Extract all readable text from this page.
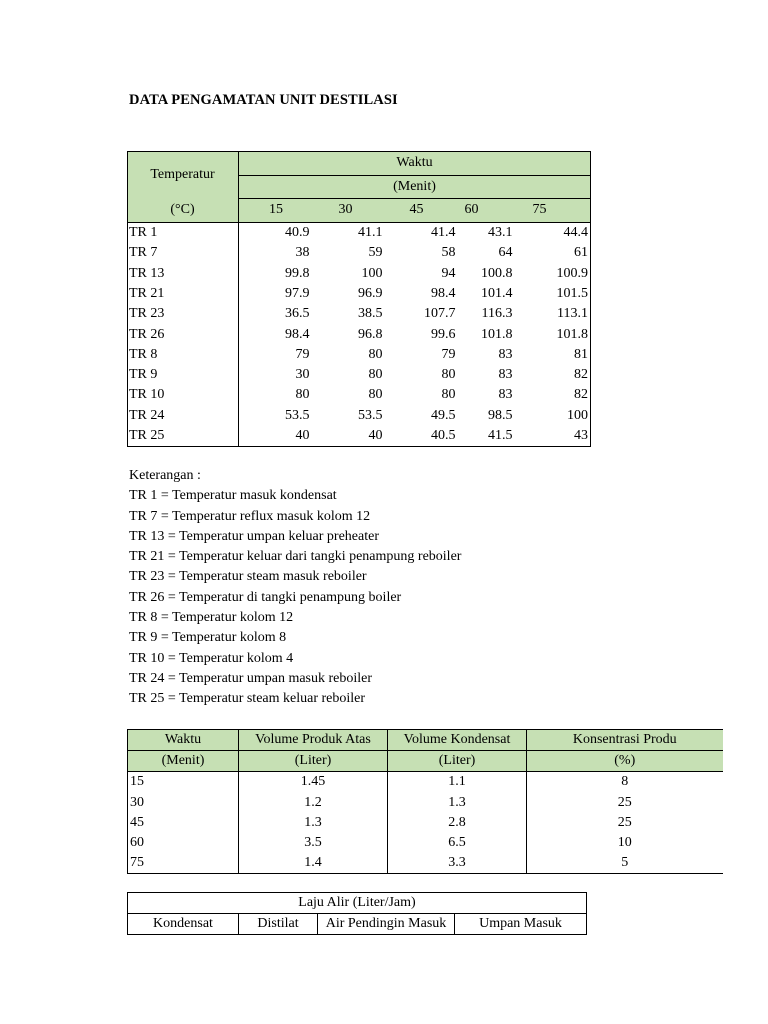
DATA PENGAMATAN UNIT DESTILASI
Temperatur	Waktu				
	(Menit)				
(°C)	15	30	45	60	75
TR 1	40.9	41.1	41.4	43.1	44.4
TR 7	38	59	58	64	61
TR 13	99.8	100	94	100.8	100.9
TR 21	97.9	96.9	98.4	101.4	101.5
TR 23	36.5	38.5	107.7	116.3	113.1
TR 26	98.4	96.8	99.6	101.8	101.8
TR 8	79	80	79	83	81
TR 9	30	80	80	83	82
TR 10	80	80	80	83	82
TR 24	53.5	53.5	49.5	98.5	100
TR 25	40	40	40.5	41.5	43
Keterangan :
TR 1 = Temperatur masuk kondensat
TR 7 = Temperatur reflux masuk kolom 12
TR 13 = Temperatur umpan keluar preheater
TR 21 = Temperatur keluar dari tangki penampung reboiler
TR 23 = Temperatur steam masuk reboiler
TR 26 = Temperatur di tangki penampung boiler
TR 8 = Temperatur kolom 12
TR 9 = Temperatur kolom 8
TR 10 = Temperatur kolom 4
TR 24 = Temperatur umpan masuk reboiler
TR 25 = Temperatur steam keluar reboiler
Waktu	Volume Produk Atas	Volume Kondensat	Konsentrasi Produ
(Menit)	(Liter)	(Liter)	(%)
15	1.45	1.1	8
30	1.2	1.3	25
45	1.3	2.8	25
60	3.5	6.5	10
75	1.4	3.3	5
Laju Alir (Liter/Jam)
Kondensat	Distilat	Air Pendingin Masuk	Umpan Masuk
